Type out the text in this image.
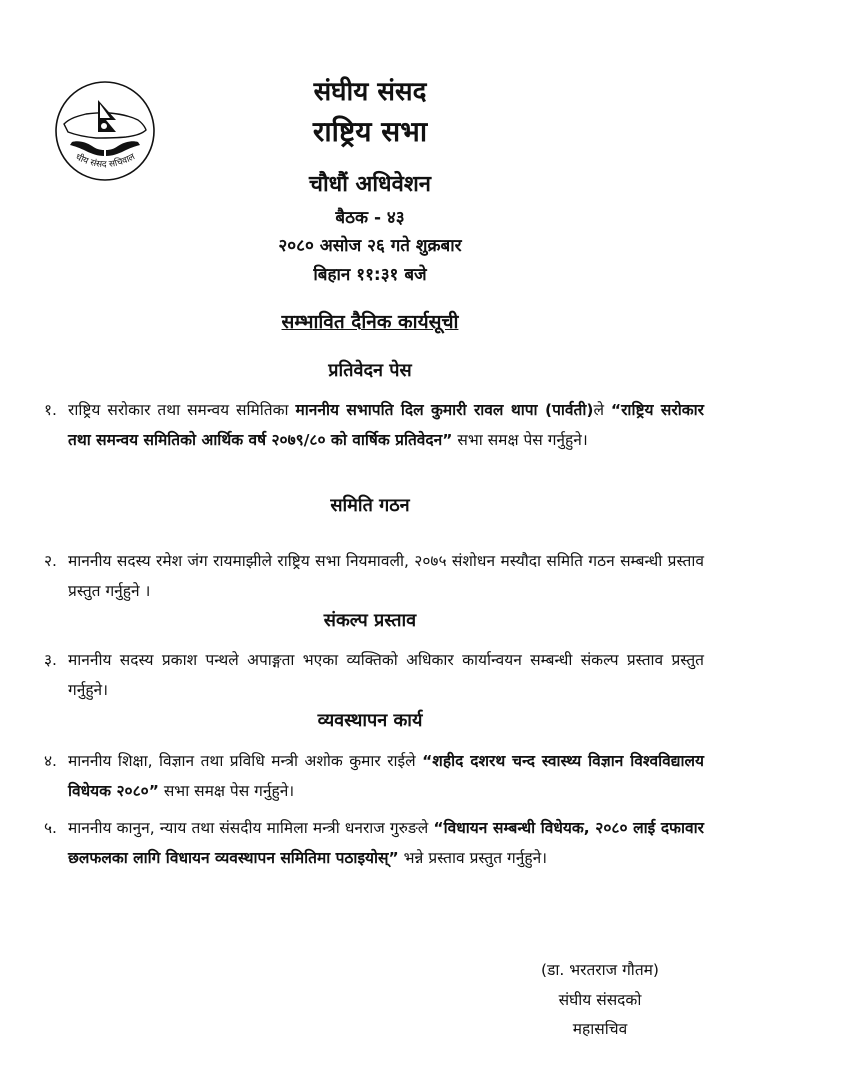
घीय संसद सचिवाल
संघीय संसद
राष्ट्रिय सभा
चौधौं अधिवेशन
बैठक - ४३
२०८० असोज २६ गते शुक्रबार
बिहान ११:३१ बजे
सम्भावित दैनिक कार्यसूची
प्रतिवेदन पेस
१. राष्ट्रिय सरोकार तथा समन्वय समितिका माननीय सभापति दिल कुमारी रावल थापा (पार्वती)ले “राष्ट्रिय सरोकार तथा समन्वय समितिको आर्थिक वर्ष २०७९/८० को वार्षिक प्रतिवेदन” सभा समक्ष पेस गर्नुहुने।
समिति गठन
२. माननीय सदस्य रमेश जंग रायमाझीले राष्ट्रिय सभा नियमावली, २०७५ संशोधन मस्यौदा समिति गठन सम्बन्धी प्रस्ताव प्रस्तुत गर्नुहुने ।
संकल्प प्रस्ताव
३. माननीय सदस्य प्रकाश पन्थले अपाङ्गता भएका व्यक्तिको अधिकार कार्यान्वयन सम्बन्धी संकल्प प्रस्ताव प्रस्तुत गर्नुहुने।
व्यवस्थापन कार्य
४. माननीय शिक्षा, विज्ञान तथा प्रविधि मन्त्री अशोक कुमार राईले “शहीद दशरथ चन्द स्वास्थ्य विज्ञान विश्वविद्यालय विधेयक २०८०” सभा समक्ष पेस गर्नुहुने।
५. माननीय कानुन, न्याय तथा संसदीय मामिला मन्त्री धनराज गुरुङले “विधायन सम्बन्धी विधेयक, २०८० लाई दफावार छलफलका लागि विधायन व्यवस्थापन समितिमा पठाइयोस्” भन्ने प्रस्ताव प्रस्तुत गर्नुहुने।
(डा. भरतराज गौतम)
संघीय संसदको
महासचिव
